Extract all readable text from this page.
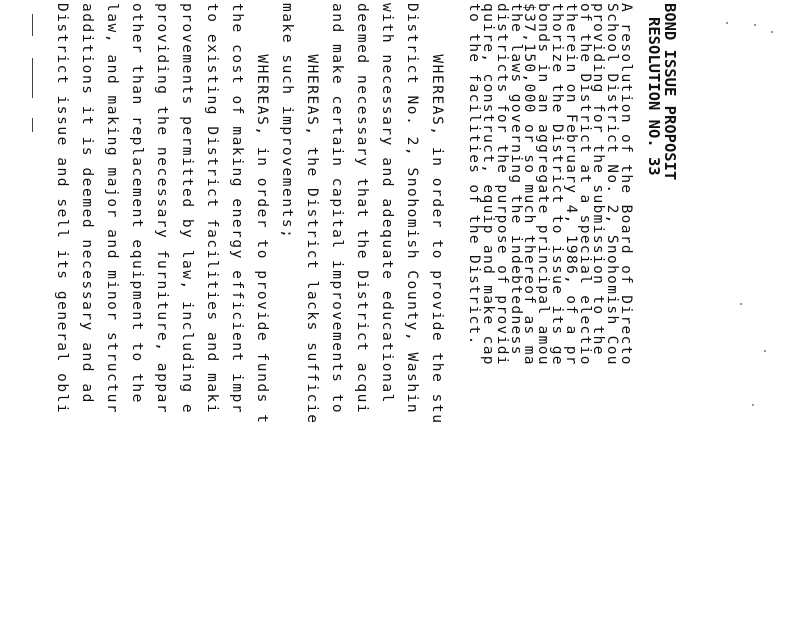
BOND ISSUE PROPOSIT
RESOLUTION NO. 33
A resolution of the Board of Directo
School District No. 2, Snohomish Cou
providing for the submission to the
of the District at a special electio
therein on February 4, 1986, of a pr
thorize the District to issue its ge
bonds in an aggregate principal amou
$37,150,000 or so much thereof as ma
the laws governing the indebtedness
districts for the purpose of providi
quire, construct, equip and make cap
to the facilities of the District.
WHEREAS, in order to provide the stu
District No. 2, Snohomish County, Washin
with necessary and adequate educational
deemed necessary that the District acqui
and make certain capital improvements to
WHEREAS, the District lacks sufficie
make such improvements;
WHEREAS, in order to provide funds t
the cost of making energy efficient impr
to existing District facilities and maki
provements permitted by law, including e
providing the necessary furniture, appar
other than replacement equipment to the
law, and making major and minor structur
additions it is deemed necessary and ad
District issue and sell its general obli
